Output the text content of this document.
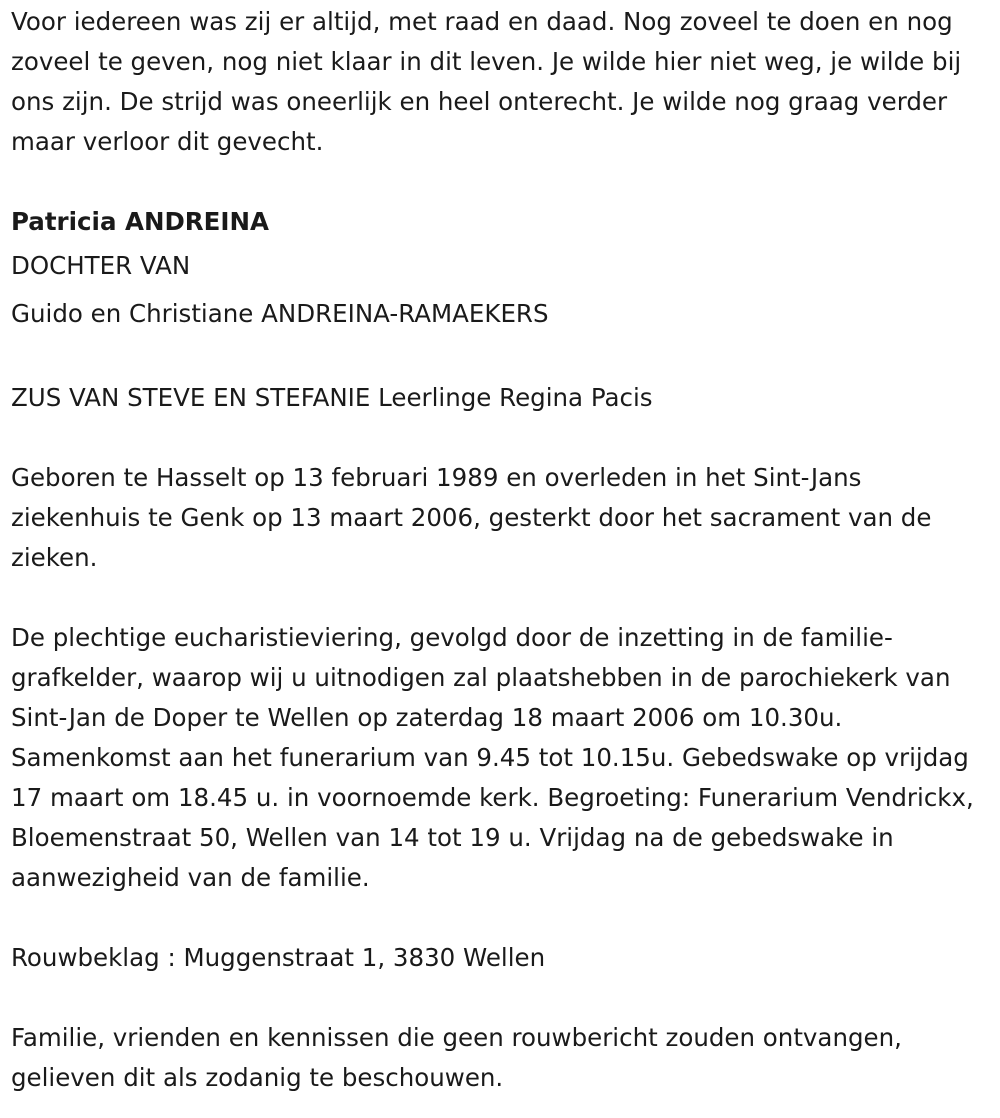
Voor iedereen was zij er altijd, met raad en daad. Nog zoveel te doen en nog zoveel te geven, nog niet klaar in dit leven. Je wilde hier niet weg, je wilde bij ons zijn. De strijd was oneerlijk en heel onterecht. Je wilde nog graag verder maar verloor dit gevecht.

Patricia ANDREINA

DOCHTER VAN

Guido en Christiane ANDREINA-RAMAEKERS

ZUS VAN STEVE EN STEFANIE Leerlinge Regina Pacis

Geboren te Hasselt op 13 februari 1989 en overleden in het Sint-Jans ziekenhuis te Genk op 13 maart 2006, gesterkt door het sacrament van de zieken.

De plechtige eucharistieviering, gevolgd door de inzetting in de familie-grafkelder, waarop wij u uitnodigen zal plaatshebben in de parochiekerk van Sint-Jan de Doper te Wellen op zaterdag 18 maart 2006 om 10.30u. Samenkomst aan het funerarium van 9.45 tot 10.15u. Gebedswake op vrijdag 17 maart om 18.45 u. in voornoemde kerk. Begroeting: Funerarium Vendrickx, Bloemenstraat 50, Wellen van 14 tot 19 u. Vrijdag na de gebedswake in aanwezigheid van de familie.

Rouwbeklag : Muggenstraat 1, 3830 Wellen

Familie, vrienden en kennissen die geen rouwbericht zouden ontvangen, gelieven dit als zodanig te beschouwen.
